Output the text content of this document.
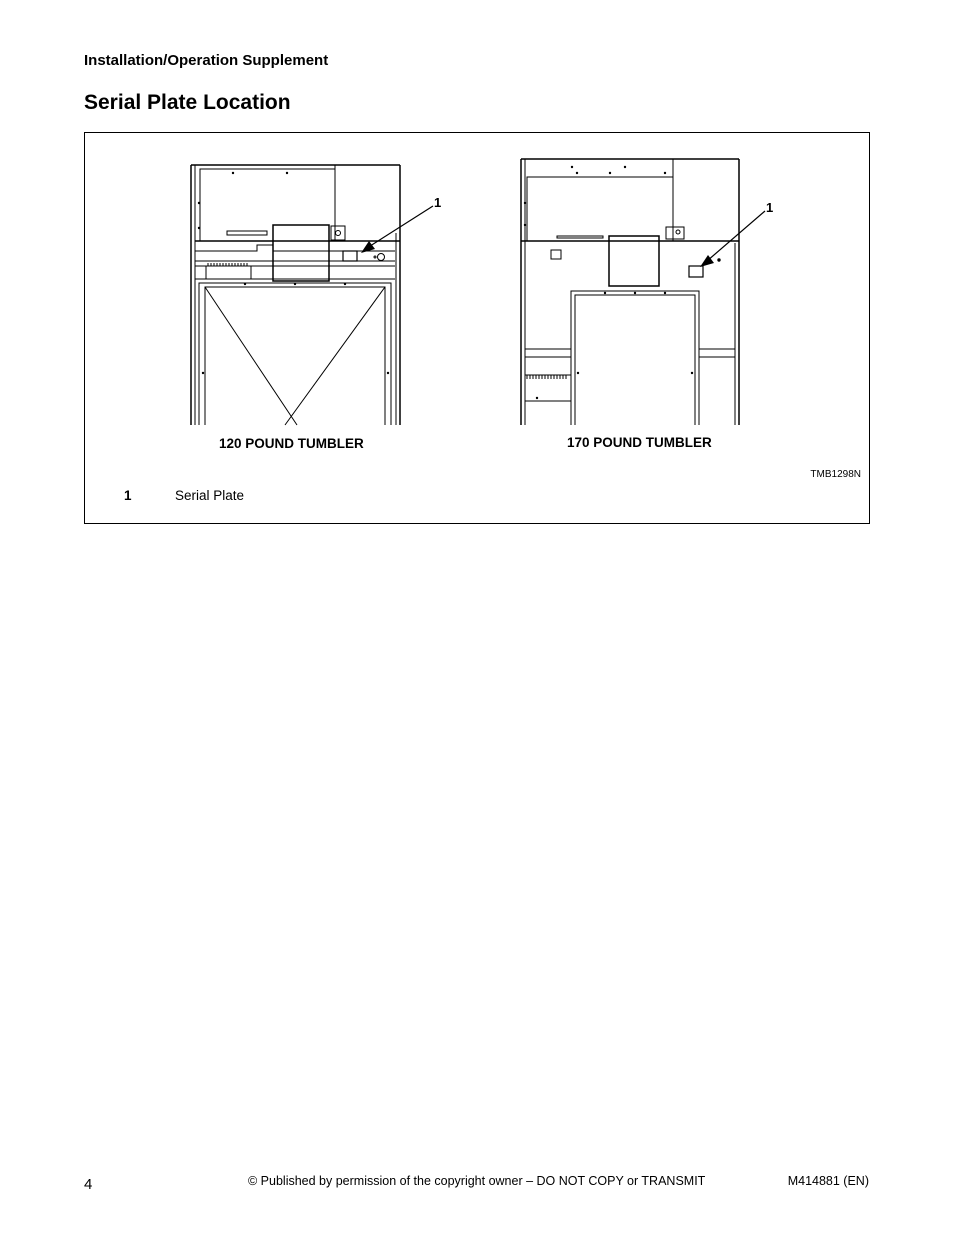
Installation/Operation Supplement
Serial Plate Location
1	1
120 POUND TUMBLER	170 POUND TUMBLER
TMB1298N
1	Serial Plate
4	© Published by permission of the copyright owner – DO NOT COPY or TRANSMIT	M414881 (EN)
